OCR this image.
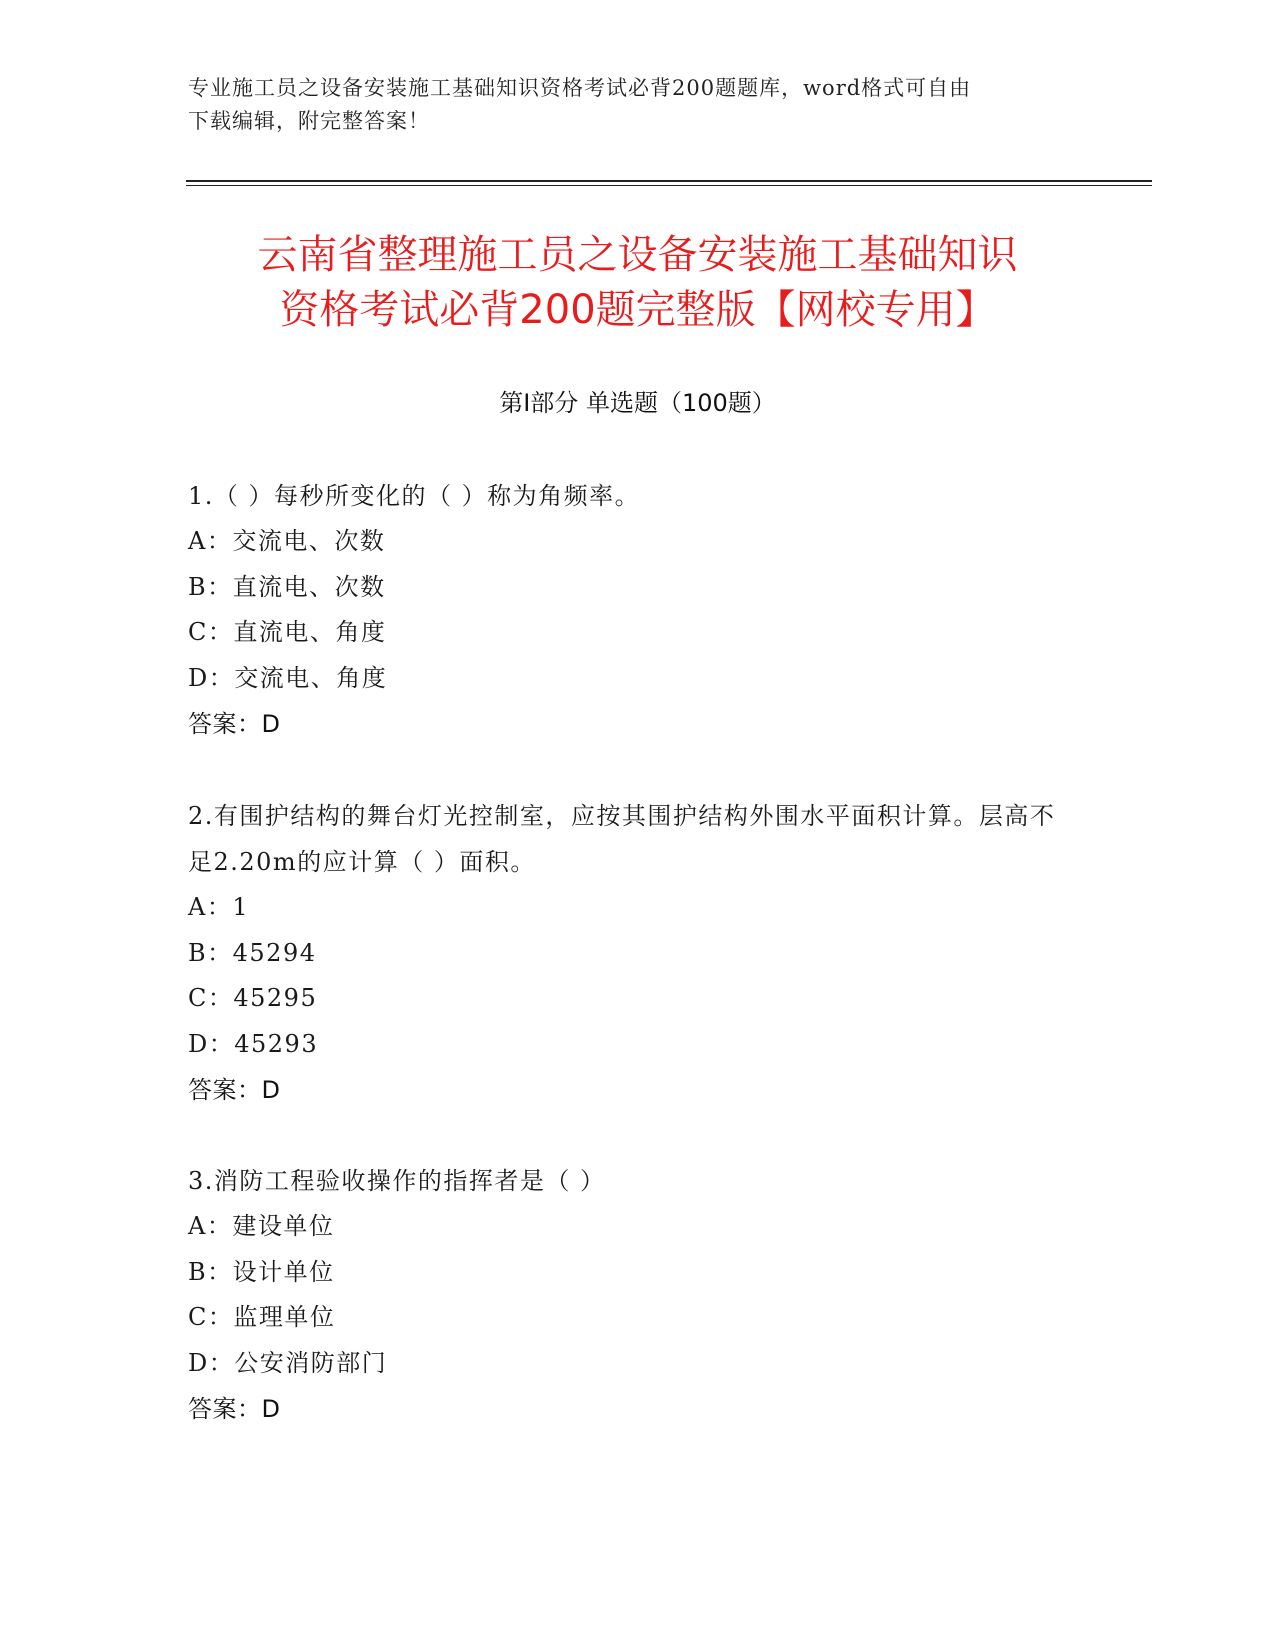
专业施工员之设备安装施工基础知识资格考试必背200题题库，word格式可自由
下载编辑，附完整答案！
云南省整理施工员之设备安装施工基础知识
资格考试必背200题完整版【网校专用】
第Ⅰ部分 单选题（100题）
1.（ ）每秒所变化的（ ）称为角频率。
A：交流电、次数
B：直流电、次数
C：直流电、角度
D：交流电、角度
答案：D
2.有围护结构的舞台灯光控制室，应按其围护结构外围水平面积计算。层高不足2.20m的应计算（ ）面积。
A：1
B：45294
C：45295
D：45293
答案：D
3.消防工程验收操作的指挥者是（ ）
A：建设单位
B：设计单位
C：监理单位
D：公安消防部门
答案：D
